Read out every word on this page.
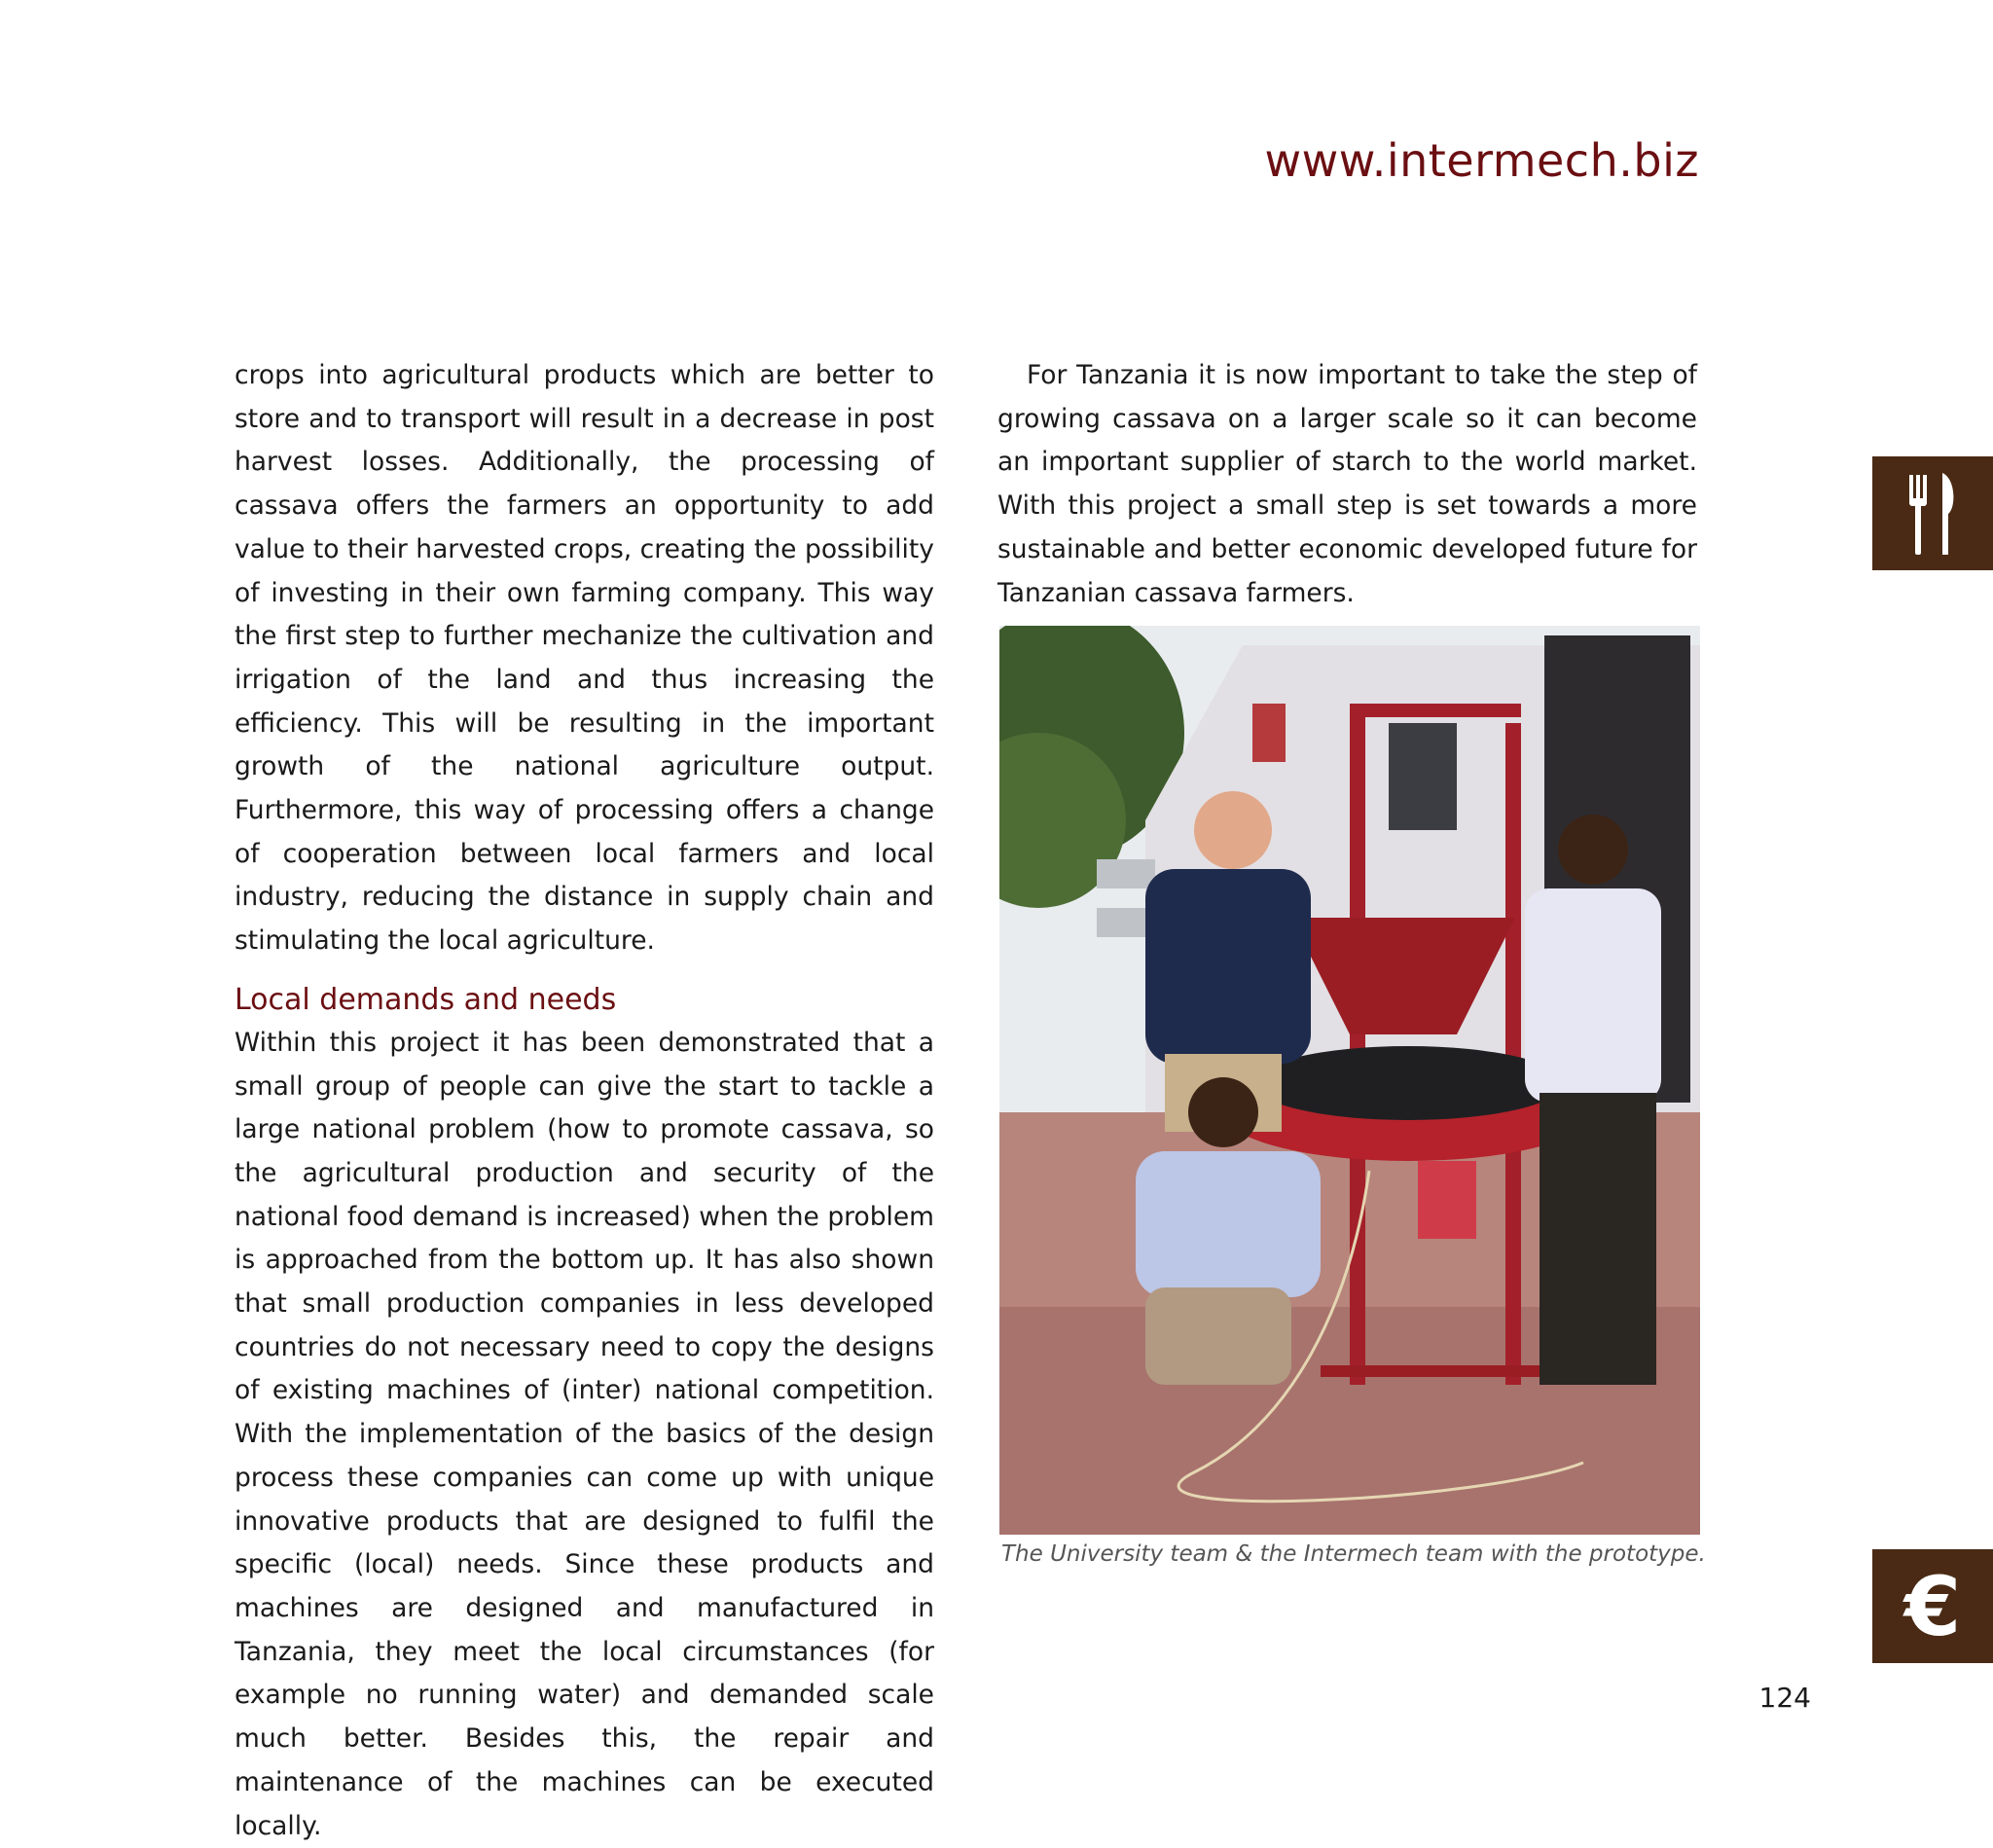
www.intermech.biz

crops into agricultural products which are better to store and to transport will result in a decrease in post harvest losses. Additionally, the processing of cassava offers the farmers an opportunity to add value to their harvested crops, creating the possibility of investing in their own farming company. This way the first step to further mechanize the cultivation and irrigation of the land and thus increasing the efficiency. This will be resulting in the important growth of the national agriculture output. Furthermore, this way of processing offers a change of cooperation between local farmers and local industry, reducing the distance in supply chain and stimulating the local agriculture.

Local demands and needs

Within this project it has been demonstrated that a small group of people can give the start to tackle a large national problem (how to promote cassava, so the agricultural production and security of the national food demand is increased) when the problem is approached from the bottom up. It has also shown that small production companies in less developed countries do not necessary need to copy the designs of existing machines of (inter) national competition. With the implementation of the basics of the design process these companies can come up with unique innovative products that are designed to fulfil the specific (local) needs. Since these products and machines are designed and manufactured in Tanzania, they meet the local circumstances (for example no running water) and demanded scale much better. Besides this, the repair and maintenance of the machines can be executed locally.

For Tanzania it is now important to take the step of growing cassava on a larger scale so it can become an important supplier of starch to the world market. With this project a small step is set towards a more sustainable and better economic developed future for Tanzanian cassava farmers.

The University team & the Intermech team with the prototype.
€
124
